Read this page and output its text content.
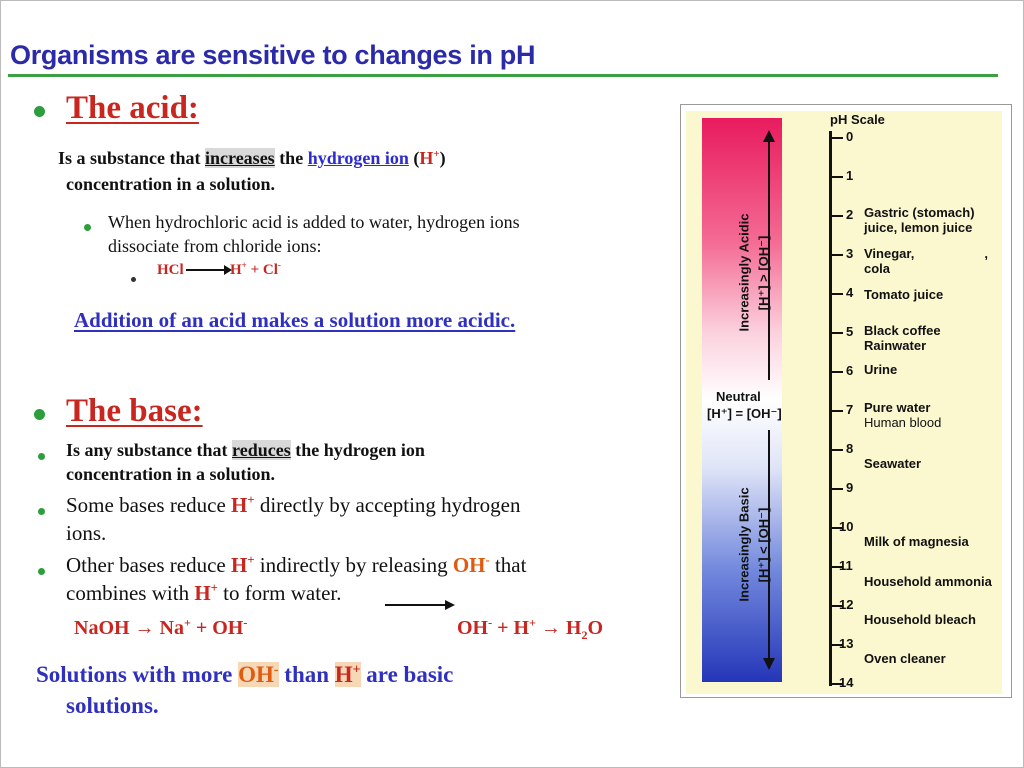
Organisms are sensitive to changes in pH
The acid:
Is a substance that increases the hydrogen ion (H+)
concentration in a solution.
When hydrochloric acid is added to water, hydrogen ions
dissociate from chloride ions:
HCl	H+ + Cl-
Addition of an acid makes a solution more acidic.
The base:
Is any substance that reduces the hydrogen ion
concentration in a solution.
Some bases reduce H+ directly by accepting hydrogen
ions.
Other bases reduce H+ indirectly by releasing OH- that
combines with H+ to form water.
NaOH → Na+ + OH-	$OH^- + H^+ \to H_2O$
Solutions with more OH- than H+ are basic
solutions.
pH Scale
Increasingly Acidic [H⁺] > [OH⁻]
Neutral
[H⁺] = [OH⁻]
Increasingly Basic [H⁺] < [OH⁻]
0
1
2
3
4
5
6
7
8
9
10
11
12
13
14
Gastric (stomach)
juice, lemon juice
Vinegar,	,
cola
Tomato juice
Black coffee
Rainwater
Urine
Pure water
Human blood
Seawater
Milk of magnesia
Household ammonia
Household bleach
Oven cleaner
